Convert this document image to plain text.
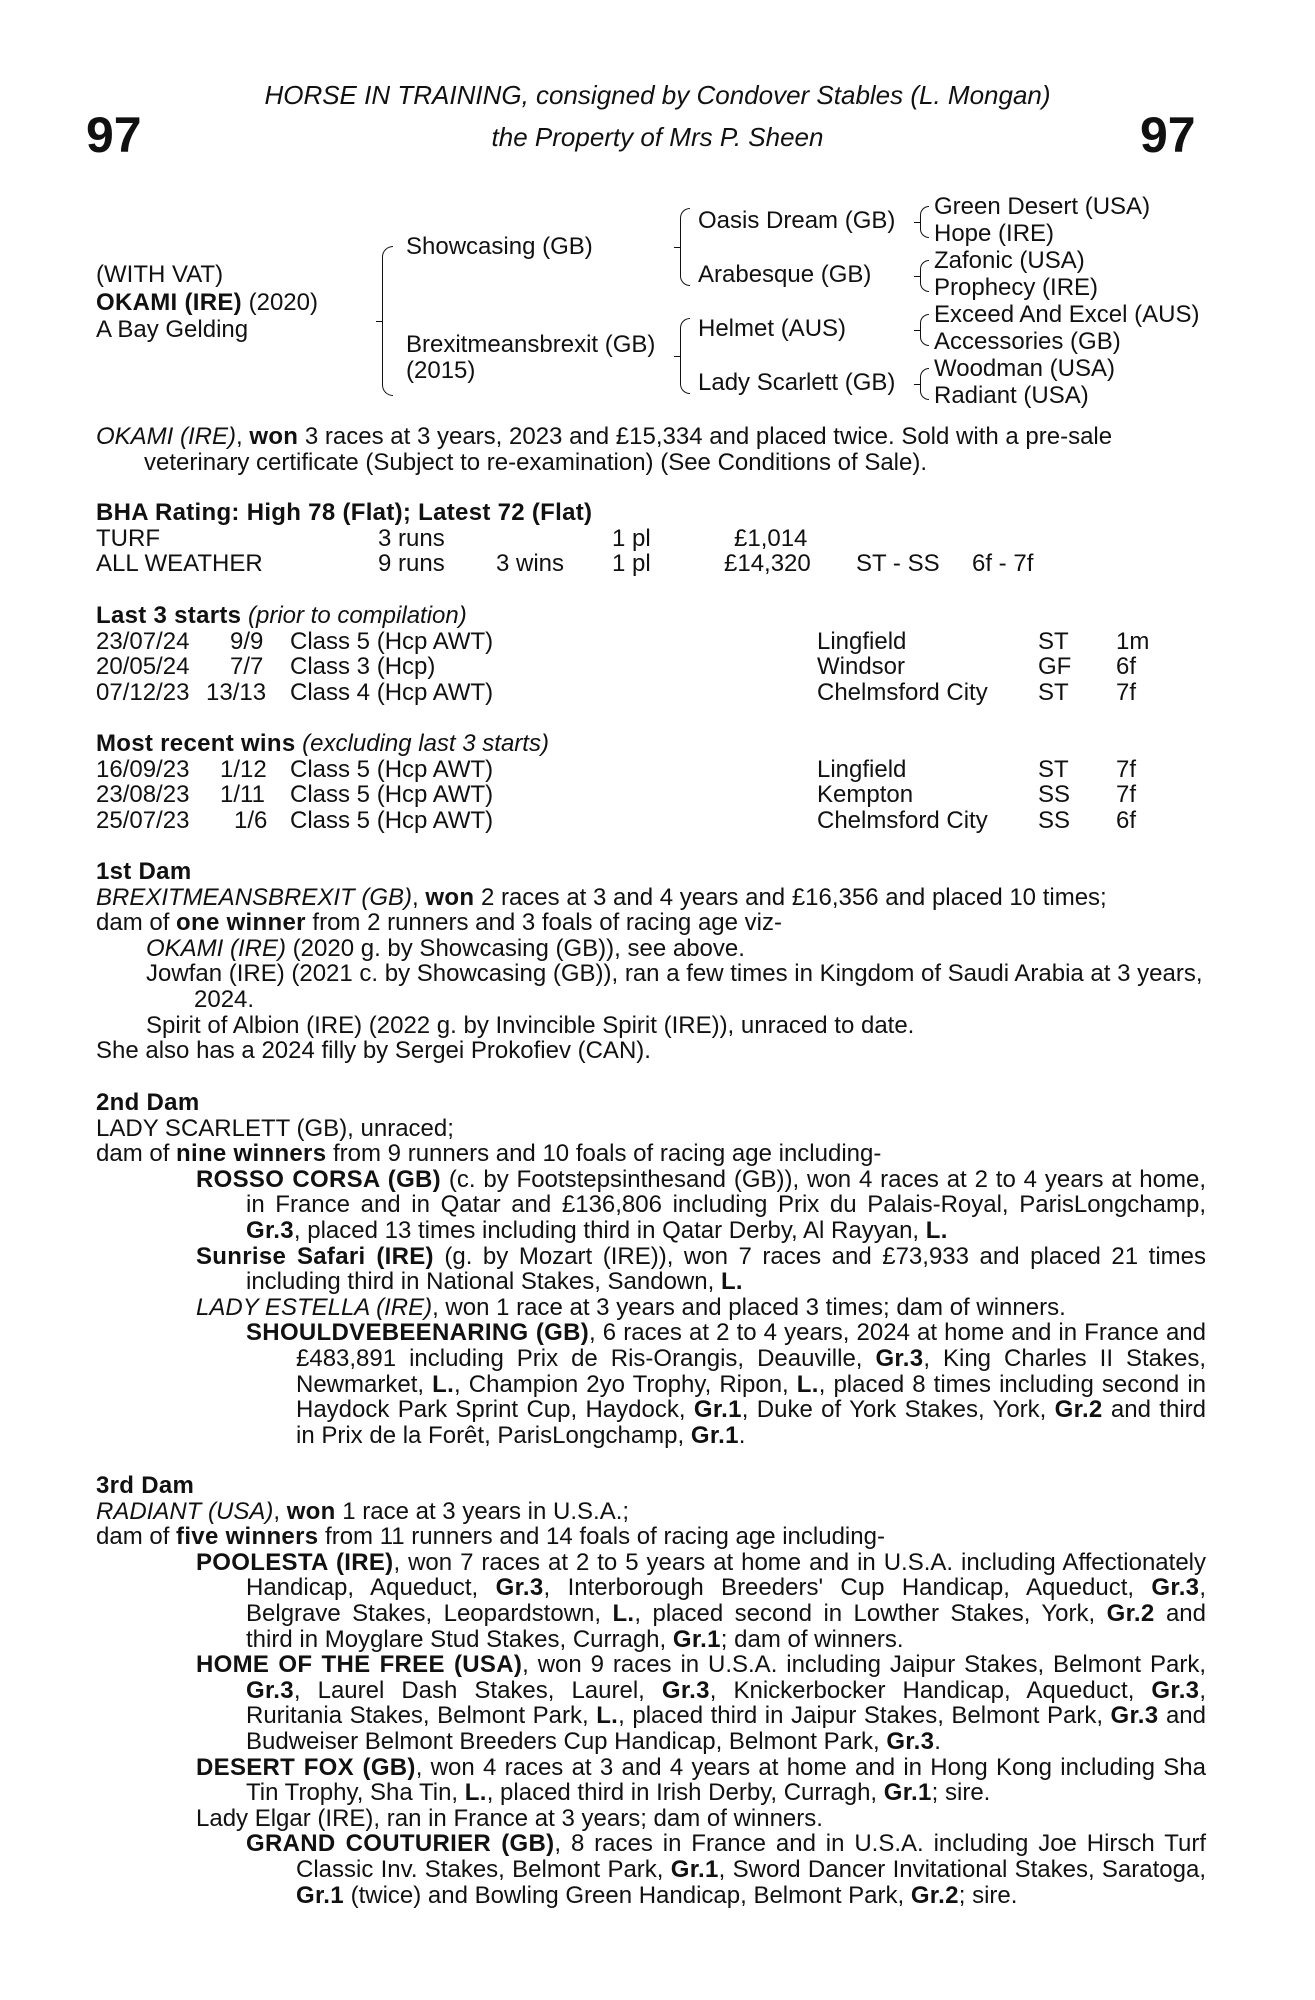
97	97
HORSE IN TRAINING, consigned by Condover Stables (L. Mongan)
the Property of Mrs P. Sheen
(WITH VAT)
OKAMI (IRE) (2020)
A Bay Gelding
Showcasing (GB)
Brexitmeansbrexit (GB)
(2015)
Oasis Dream (GB)
Arabesque (GB)
Helmet (AUS)
Lady Scarlett (GB)
Green Desert (USA)
Hope (IRE)
Zafonic (USA)
Prophecy (IRE)
Exceed And Excel (AUS)
Accessories (GB)
Woodman (USA)
Radiant (USA)

OKAMI (IRE), won 3 races at 3 years, 2023 and £15,334 and placed twice. Sold with a pre-sale veterinary certificate (Subject to re-examination) (See Conditions of Sale).

BHA Rating: High 78 (Flat); Latest 72 (Flat)

TURF	3 runs	1 pl	£1,014
ALL WEATHER	9 runs 3 wins 1 pl	£14,320 ST - SS 6f - 7f

Last 3 starts (prior to compilation)

23/07/24 9/9 Class 5 (Hcp AWT)	Lingfield	ST 1m
20/05/24 7/7 Class 3 (Hcp)	Windsor	GF 6f
07/12/23 13/13 Class 4 (Hcp AWT)	Chelmsford City ST 7f

Most recent wins (excluding last 3 starts)

16/09/23 1/12 Class 5 (Hcp AWT)	Lingfield	ST 7f
23/08/23 1/11 Class 5 (Hcp AWT)	Kempton	SS 7f
25/07/23 1/6 Class 5 (Hcp AWT)	Chelmsford City SS 6f

1st Dam

BREXITMEANSBREXIT (GB), won 2 races at 3 and 4 years and £16,356 and placed 10 times;

dam of one winner from 2 runners and 3 foals of racing age viz-

OKAMI (IRE) (2020 g. by Showcasing (GB)), see above.

Jowfan (IRE) (2021 c. by Showcasing (GB)), ran a few times in Kingdom of Saudi Arabia at 3 years, 2024.

Spirit of Albion (IRE) (2022 g. by Invincible Spirit (IRE)), unraced to date.

She also has a 2024 filly by Sergei Prokofiev (CAN).

2nd Dam

LADY SCARLETT (GB), unraced;

dam of nine winners from 9 runners and 10 foals of racing age including-

ROSSO CORSA (GB) (c. by Footstepsinthesand (GB)), won 4 races at 2 to 4 years at home, in France and in Qatar and £136,806 including Prix du Palais-Royal, ParisLongchamp, Gr.3, placed 13 times including third in Qatar Derby, Al Rayyan, L.

Sunrise Safari (IRE) (g. by Mozart (IRE)), won 7 races and £73,933 and placed 21 times including third in National Stakes, Sandown, L.

LADY ESTELLA (IRE), won 1 race at 3 years and placed 3 times; dam of winners.

SHOULDVEBEENARING (GB), 6 races at 2 to 4 years, 2024 at home and in France and £483,891 including Prix de Ris-Orangis, Deauville, Gr.3, King Charles II Stakes, Newmarket, L., Champion 2yo Trophy, Ripon, L., placed 8 times including second in Haydock Park Sprint Cup, Haydock, Gr.1, Duke of York Stakes, York, Gr.2 and third in Prix de la Forêt, ParisLongchamp, Gr.1.

3rd Dam

RADIANT (USA), won 1 race at 3 years in U.S.A.;

dam of five winners from 11 runners and 14 foals of racing age including-

POOLESTA (IRE), won 7 races at 2 to 5 years at home and in U.S.A. including Affectionately Handicap, Aqueduct, Gr.3, Interborough Breeders' Cup Handicap, Aqueduct, Gr.3, Belgrave Stakes, Leopardstown, L., placed second in Lowther Stakes, York, Gr.2 and third in Moyglare Stud Stakes, Curragh, Gr.1; dam of winners.

HOME OF THE FREE (USA), won 9 races in U.S.A. including Jaipur Stakes, Belmont Park, Gr.3, Laurel Dash Stakes, Laurel, Gr.3, Knickerbocker Handicap, Aqueduct, Gr.3, Ruritania Stakes, Belmont Park, L., placed third in Jaipur Stakes, Belmont Park, Gr.3 and Budweiser Belmont Breeders Cup Handicap, Belmont Park, Gr.3.

DESERT FOX (GB), won 4 races at 3 and 4 years at home and in Hong Kong including Sha Tin Trophy, Sha Tin, L., placed third in Irish Derby, Curragh, Gr.1; sire.

Lady Elgar (IRE), ran in France at 3 years; dam of winners.

GRAND COUTURIER (GB), 8 races in France and in U.S.A. including Joe Hirsch Turf Classic Inv. Stakes, Belmont Park, Gr.1, Sword Dancer Invitational Stakes, Saratoga, Gr.1 (twice) and Bowling Green Handicap, Belmont Park, Gr.2; sire.
